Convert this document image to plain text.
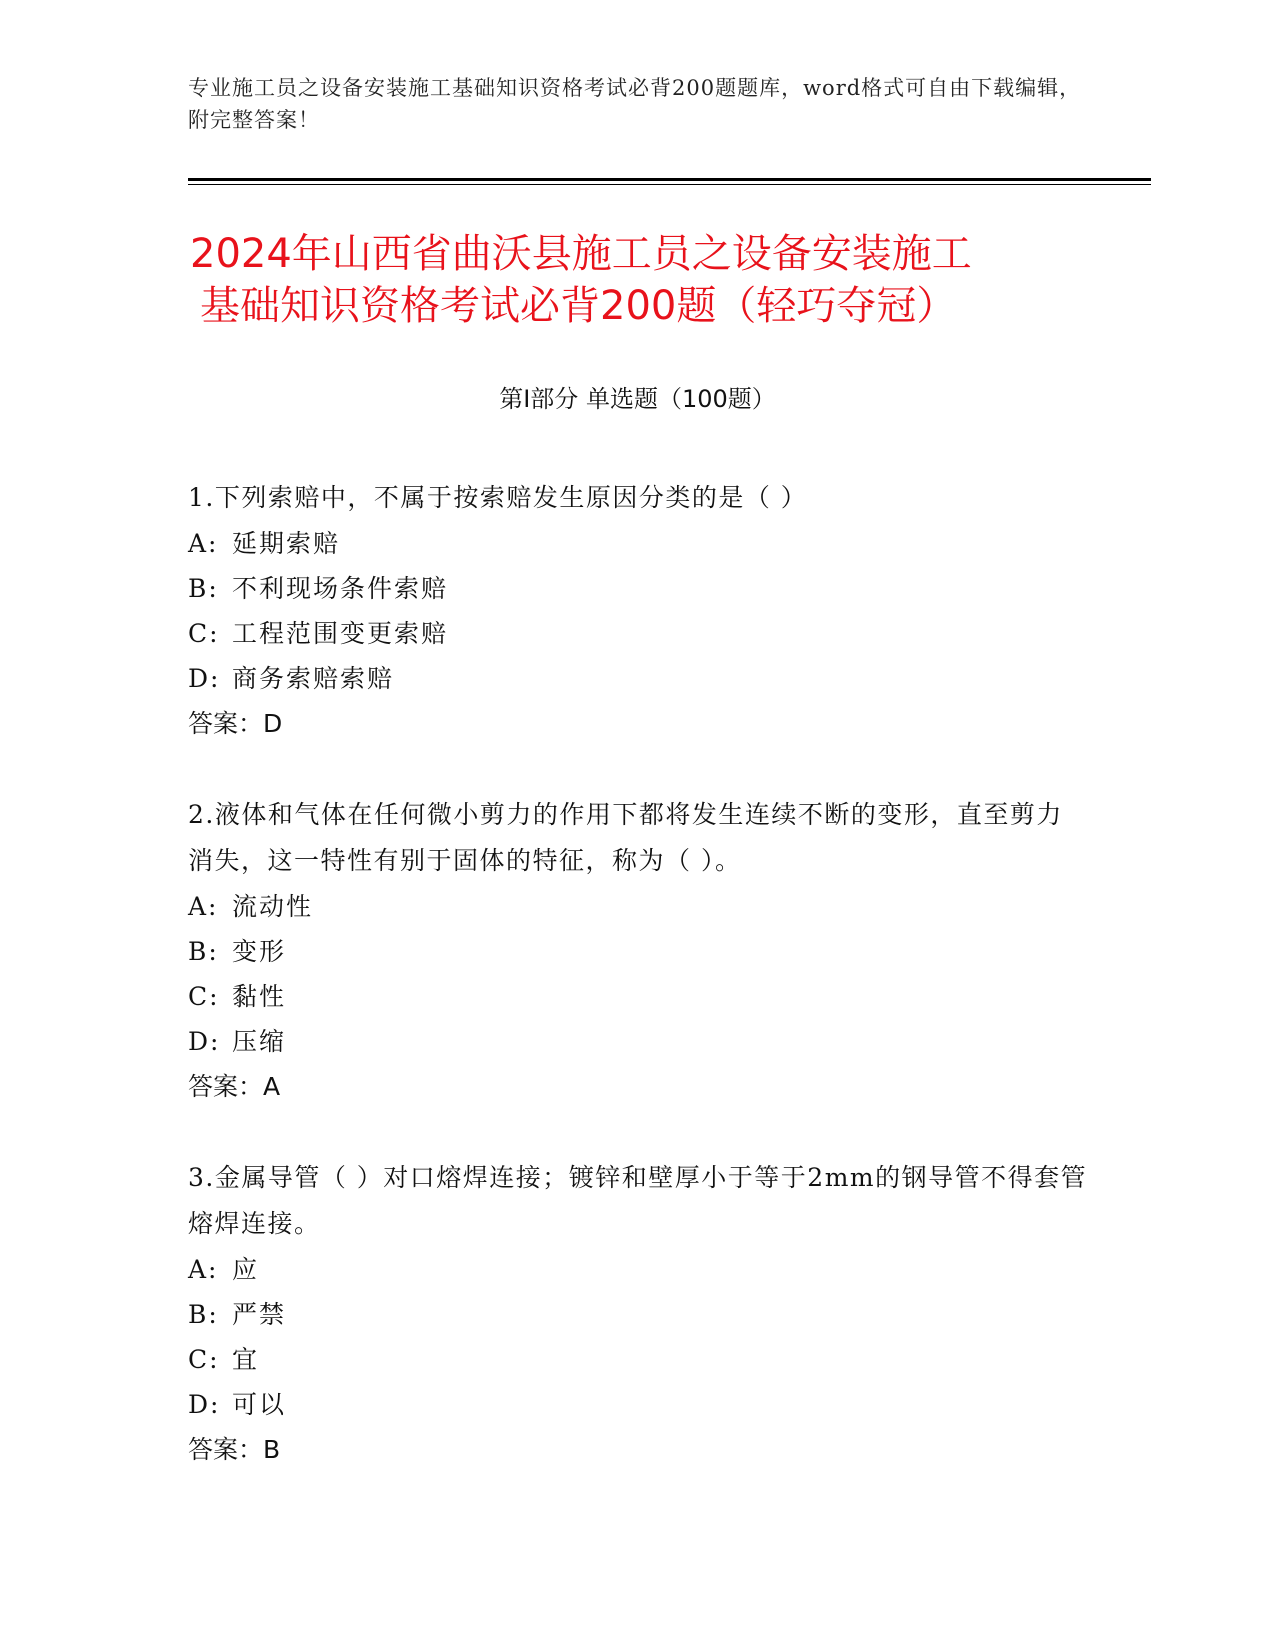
专业施工员之设备安装施工基础知识资格考试必背200题题库，word格式可自由下载编辑，附完整答案！

2024年山西省曲沃县施工员之设备安装施工
基础知识资格考试必背200题（轻巧夺冠）
第I部分 单选题（100题）

1.下列索赔中，不属于按索赔发生原因分类的是（ ）

A: 延期索赔

B: 不利现场条件索赔

C: 工程范围变更索赔

D: 商务索赔索赔

答案：D

2.液体和气体在任何微小剪力的作用下都将发生连续不断的变形，直至剪力消失，这一特性有别于固体的特征，称为（ ）。

A: 流动性

B: 变形

C: 黏性

D: 压缩

答案：A

3.金属导管（ ）对口熔焊连接；镀锌和壁厚小于等于2mm的钢导管不得套管熔焊连接。

A: 应

B: 严禁

C: 宜

D: 可以

答案：B
